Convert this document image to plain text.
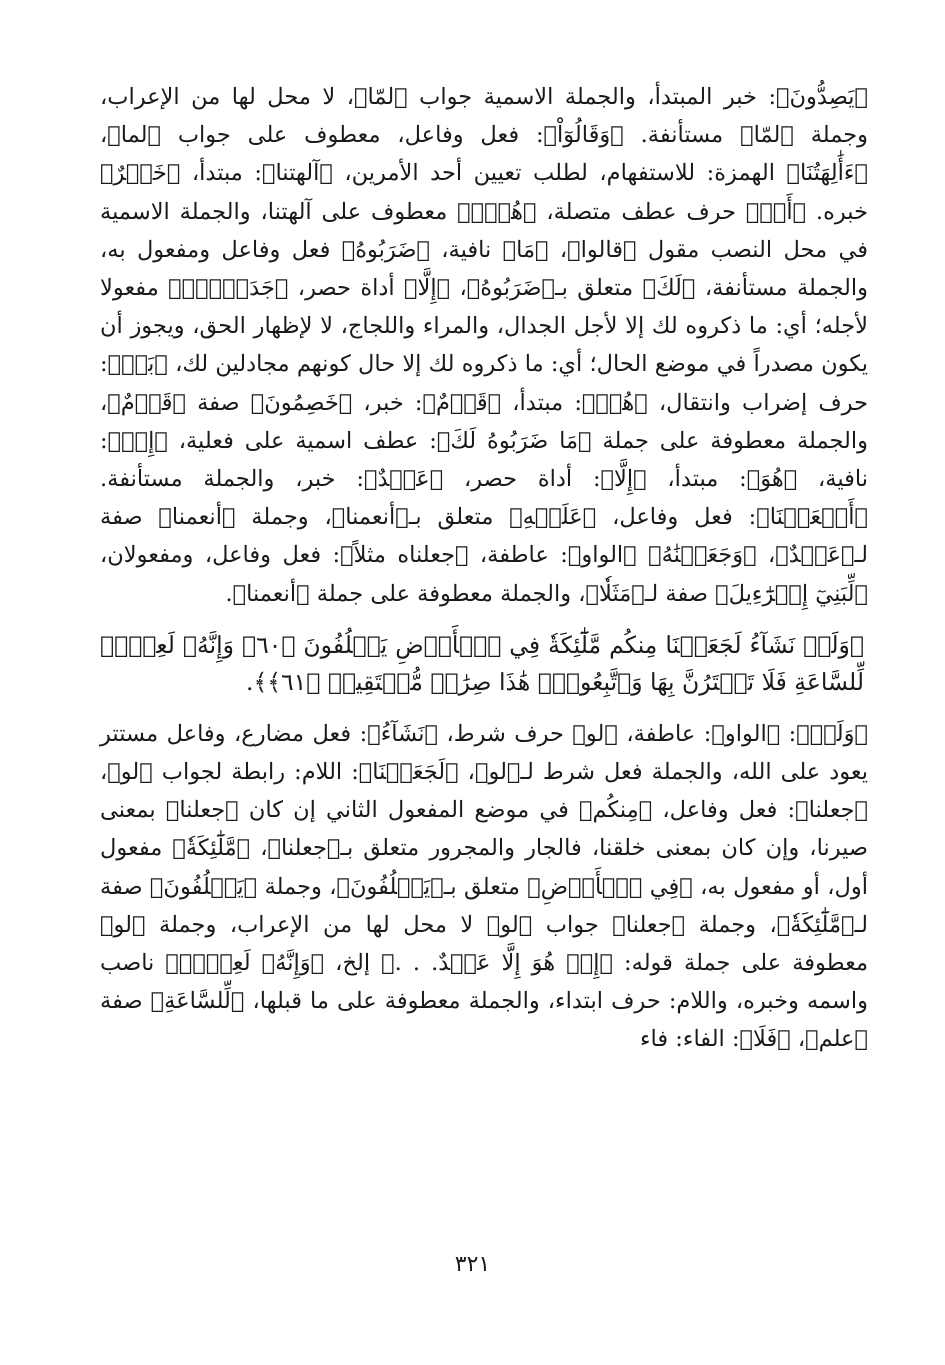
﴿يَصِدُّونَ﴾: خبر المبتدأ، والجملة الاسمية جواب ﴿لمّا﴾، لا محل لها من الإعراب، وجملة ﴿لمّا﴾ مستأنفة. ﴿وَقَالُوٓاْ﴾: فعل وفاعل، معطوف على جواب ﴿لما﴾، ﴿ءَأَٰلِهَتُنَا﴾ الهمزة: للاستفهام، لطلب تعيين أحد الأمرين، ﴿آلهتنا﴾: مبتدأ، ﴿خَيۡرٌ﴾ خبره. ﴿أَمۡ﴾ حرف عطف متصلة، ﴿هُوَۚ﴾ معطوف على آلهتنا، والجملة الاسمية في محل النصب مقول ﴿قالوا﴾، ﴿مَا﴾ نافية، ﴿ضَرَبُوهُ﴾ فعل وفاعل ومفعول به، والجملة مستأنفة، ﴿لَكَ﴾ متعلق بـ﴿ضَرَبُوهُ﴾، ﴿إِلَّا﴾ أداة حصر، ﴿جَدَلَۢاۚ﴾ مفعولا لأجله؛ أي: ما ذكروه لك إلا لأجل الجدال، والمراء واللجاج، لا لإظهار الحق، ويجوز أن يكون مصدراً في موضع الحال؛ أي: ما ذكروه لك إلا حال كونهم مجادلين لك، ﴿بَلۡ﴾: حرف إضراب وانتقال، ﴿هُمۡ﴾: مبتدأ، ﴿قَوۡمٌ﴾: خبر، ﴿خَصِمُونَ﴾ صفة ﴿قَوۡمٌ﴾، والجملة معطوفة على جملة ﴿مَا ضَرَبُوهُ لَكَ﴾: عطف اسمية على فعلية، ﴿إِنۡ﴾: نافية، ﴿هُوَ﴾: مبتدأ، ﴿إِلَّا﴾: أداة حصر، ﴿عَبۡدٌ﴾: خبر، والجملة مستأنفة. ﴿أَنۡعَمۡنَا﴾: فعل وفاعل، ﴿عَلَيۡهِ﴾ متعلق بـ﴿أنعمنا﴾، وجملة ﴿أنعمنا﴾ صفة لـ﴿عَبۡدٌ﴾، ﴿وَجَعَلۡنَٰهُ﴾ ﴿الواو﴾: عاطفة، ﴿جعلناه مثلاً﴾: فعل وفاعل، ومفعولان، ﴿لِّبَنِيٓ إِسۡرَٰٓءِيلَ﴾ صفة لـ﴿مَثَلٗا﴾، والجملة معطوفة على جملة ﴿أنعمنا﴾.

﴿وَلَوۡ نَشَآءُ لَجَعَلۡنَا مِنكُم مَّلَٰٓئِكَةٗ فِي ٱلۡأَرۡضِ يَخۡلُفُونَ ﴿٦٠﴾ وَإِنَّهُۥ لَعِلۡمٞ لِّلسَّاعَةِ فَلَا تَمۡتَرُنَّ بِهَا وَٱتَّبِعُونِۚ هَٰذَا صِرَٰطٞ مُّسۡتَقِيمٞ ﴿٦١﴾﴾.

﴿وَلَوۡ﴾: ﴿الواو﴾: عاطفة، ﴿لو﴾ حرف شرط، ﴿نَشَآءُ﴾: فعل مضارع، وفاعل مستتر يعود على الله، والجملة فعل شرط لـ﴿لو﴾، ﴿لَجَعَلۡنَا﴾: اللام: رابطة لجواب ﴿لو﴾، ﴿جعلنا﴾: فعل وفاعل، ﴿مِنكُم﴾ في موضع المفعول الثاني إن كان ﴿جعلنا﴾ بمعنى صيرنا، وإن كان بمعنى خلقنا، فالجار والمجرور متعلق بـ﴿جعلنا﴾، ﴿مَّلَٰٓئِكَةٗ﴾ مفعول أول، أو مفعول به، ﴿فِي ٱلۡأَرۡضِ﴾ متعلق بـ﴿يَخۡلُفُونَ﴾، وجملة ﴿يَخۡلُفُونَ﴾ صفة لـ﴿مَّلَٰٓئِكَةٗ﴾، وجملة ﴿جعلنا﴾ جواب ﴿لو﴾ لا محل لها من الإعراب، وجملة ﴿لو﴾ معطوفة على جملة قوله: ﴿إِنۡ هُوَ إِلَّا عَبۡدٌ. . .﴾ إلخ، ﴿وَإِنَّهُۥ لَعِلۡمٞ﴾ ناصب واسمه وخبره، واللام: حرف ابتداء، والجملة معطوفة على ما قبلها، ﴿لِّلسَّاعَةِ﴾ صفة ﴿علم﴾، ﴿فَلَا﴾: الفاء: فاء

٣٢١
